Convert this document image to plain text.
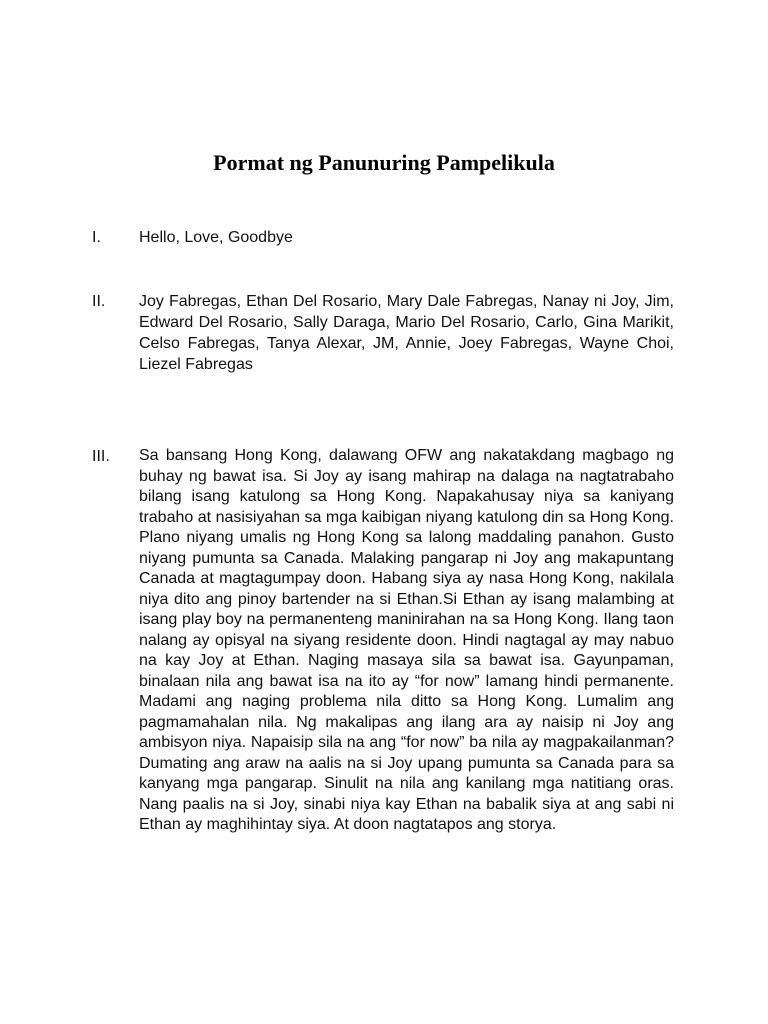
Pormat ng Panunuring Pampelikula
I. Hello, Love, Goodbye

II. Joy Fabregas, Ethan Del Rosario, Mary Dale Fabregas, Nanay ni Joy, Jim, Edward Del Rosario, Sally Daraga, Mario Del Rosario, Carlo, Gina Marikit, Celso Fabregas, Tanya Alexar, JM, Annie, Joey Fabregas, Wayne Choi, Liezel Fabregas

III. Sa bansang Hong Kong, dalawang OFW ang nakatakdang magbago ng buhay ng bawat isa. Si Joy ay isang mahirap na dalaga na nagtatrabaho bilang isang katulong sa Hong Kong. Napakahusay niya sa kaniyang trabaho at nasisiyahan sa mga kaibigan niyang katulong din sa Hong Kong. Plano niyang umalis ng Hong Kong sa lalong maddaling panahon. Gusto niyang pumunta sa Canada. Malaking pangarap ni Joy ang makapuntang Canada at magtagumpay doon. Habang siya ay nasa Hong Kong, nakilala niya dito ang pinoy bartender na si Ethan.Si Ethan ay isang malambing at isang play boy na permanenteng maninirahan na sa Hong Kong. Ilang taon nalang ay opisyal na siyang residente doon. Hindi nagtagal ay may nabuo na kay Joy at Ethan. Naging masaya sila sa bawat isa. Gayunpaman, binalaan nila ang bawat isa na ito ay “for now” lamang hindi permanente. Madami ang naging problema nila ditto sa Hong Kong. Lumalim ang pagmamahalan nila. Ng makalipas ang ilang ara ay naisip ni Joy ang ambisyon niya. Napaisip sila na ang “for now” ba nila ay magpakailanman? Dumating ang araw na aalis na si Joy upang pumunta sa Canada para sa kanyang mga pangarap. Sinulit na nila ang kanilang mga natitiang oras. Nang paalis na si Joy, sinabi niya kay Ethan na babalik siya at ang sabi ni Ethan ay maghihintay siya. At doon nagtatapos ang storya.
